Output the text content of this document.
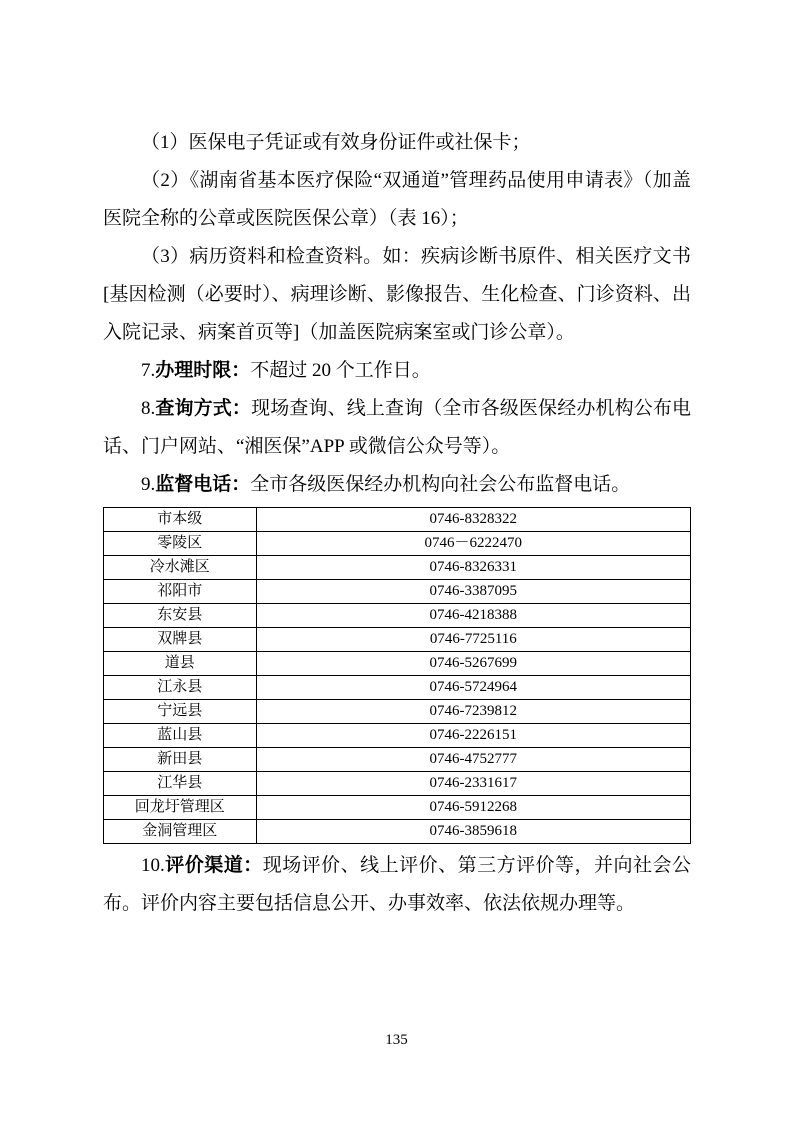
（1）医保电子凭证或有效身份证件或社保卡；

（2）《湖南省基本医疗保险“双通道”管理药品使用申请表》（加盖医院全称的公章或医院医保公章）（表 16）；

（3）病历资料和检查资料。如：疾病诊断书原件、相关医疗文书[基因检测（必要时）、病理诊断、影像报告、生化检查、门诊资料、出入院记录、病案首页等]（加盖医院病案室或门诊公章）。

7.办理时限：不超过 20 个工作日。

8.查询方式：现场查询、线上查询（全市各级医保经办机构公布电话、门户网站、“湘医保”APP 或微信公众号等）。

9.监督电话：全市各级医保经办机构向社会公布监督电话。

市本级	0746-8328322
零陵区	0746－6222470
冷水滩区	0746-8326331
祁阳市	0746-3387095
东安县	0746-4218388
双牌县	0746-7725116
道县	0746-5267699
江永县	0746-5724964
宁远县	0746-7239812
蓝山县	0746-2226151
新田县	0746-4752777
江华县	0746-2331617
回龙圩管理区	0746-5912268
金洞管理区	0746-3859618

10.评价渠道：现场评价、线上评价、第三方评价等，并向社会公布。评价内容主要包括信息公开、办事效率、依法依规办理等。

135
